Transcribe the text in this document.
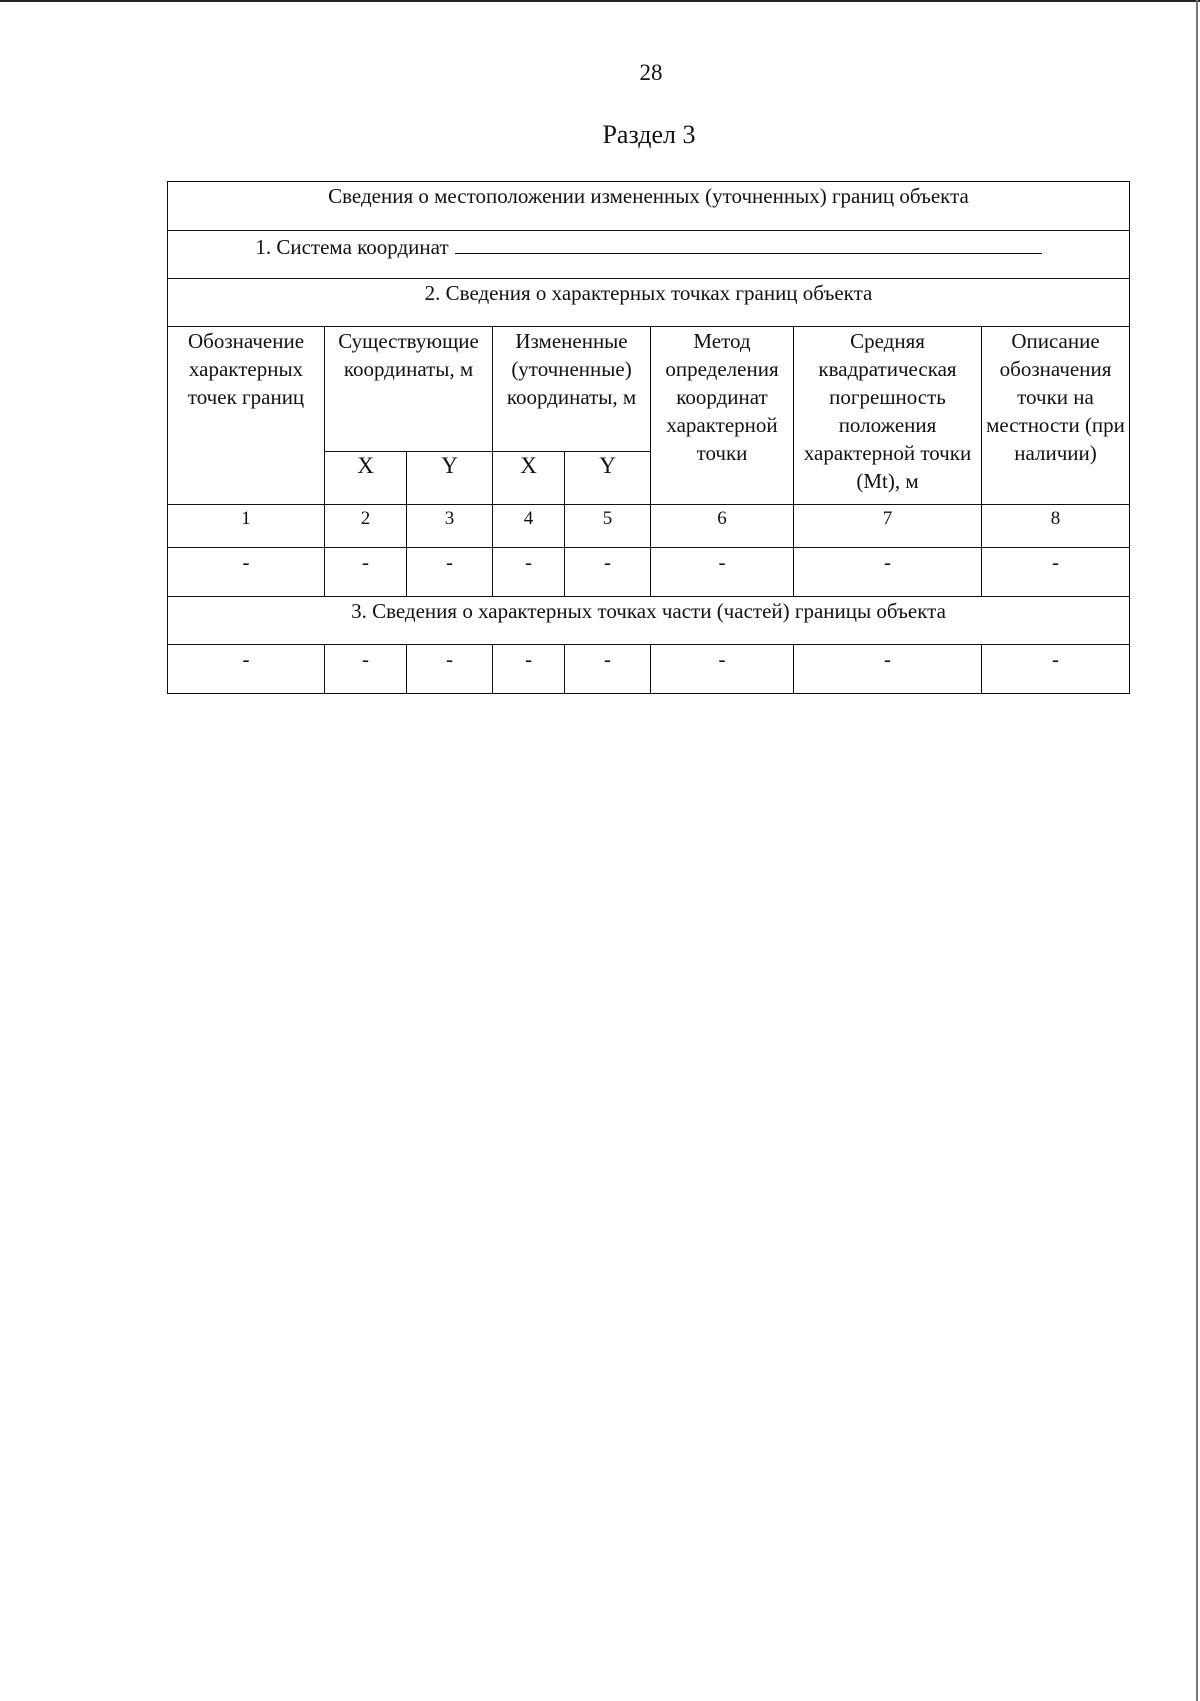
28
Раздел 3
Сведения о местоположении измененных (уточненных) границ объекта							
1. Система координат							
2. Сведения о характерных точках границ объекта							
Обозначение характерных точек границ	Существующие координаты, м		Измененные (уточненные) координаты, м		Метод определения координат характерной точки	Средняя квадратическая погрешность положения характерной точки (Mt), м	Описание обозначения точки на местности (при наличии)
	X	Y	X	Y			
1	2	3	4	5	6	7	8
-	-	-	-	-	-	-	-
3. Сведения о характерных точках части (частей) границы объекта							
-	-	-	-	-	-	-	-
